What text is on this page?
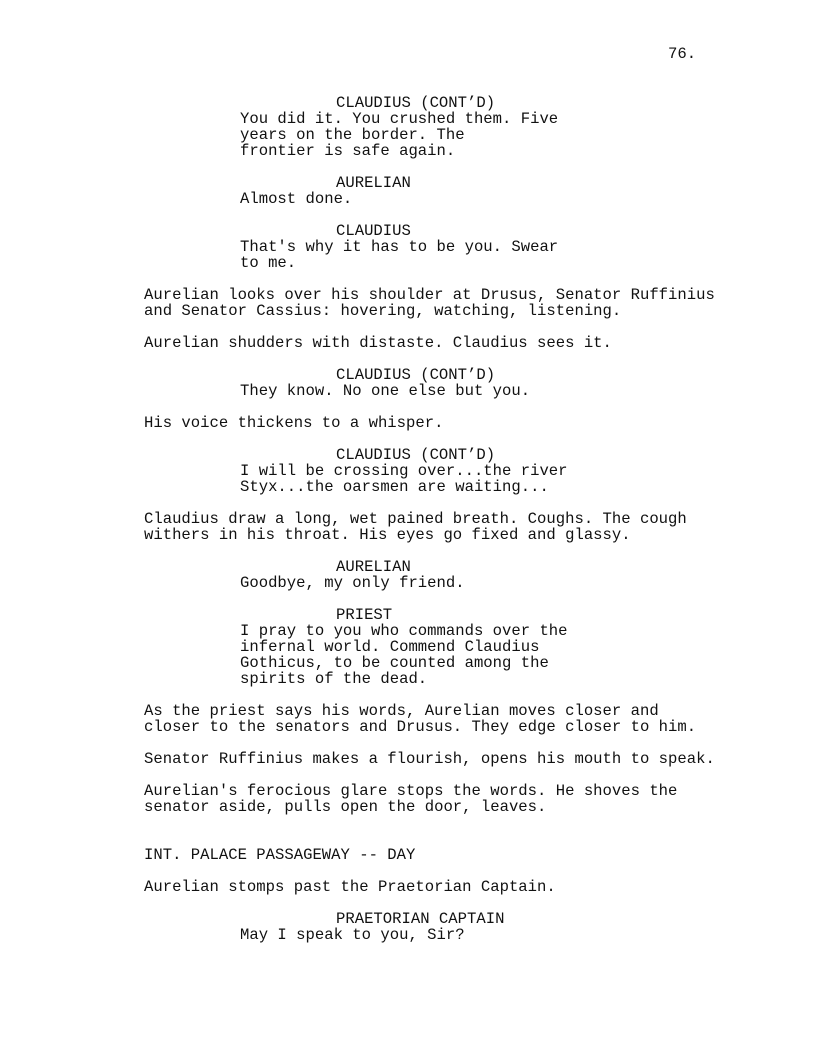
76.
CLAUDIUS (CONT’D)
You did it. You crushed them. Five
years on the border. The
frontier is safe again.
AURELIAN
Almost done.
CLAUDIUS
That's why it has to be you. Swear
to me.
Aurelian looks over his shoulder at Drusus, Senator Ruffinius
and Senator Cassius: hovering, watching, listening.
Aurelian shudders with distaste. Claudius sees it.
CLAUDIUS (CONT’D)
They know. No one else but you.
His voice thickens to a whisper.
CLAUDIUS (CONT’D)
I will be crossing over...the river
Styx...the oarsmen are waiting...
Claudius draw a long, wet pained breath. Coughs. The cough
withers in his throat. His eyes go fixed and glassy.
AURELIAN
Goodbye, my only friend.
PRIEST
I pray to you who commands over the
infernal world. Commend Claudius
Gothicus, to be counted among the
spirits of the dead.
As the priest says his words, Aurelian moves closer and
closer to the senators and Drusus. They edge closer to him.
Senator Ruffinius makes a flourish, opens his mouth to speak.
Aurelian's ferocious glare stops the words. He shoves the
senator aside, pulls open the door, leaves.
INT. PALACE PASSAGEWAY -- DAY
Aurelian stomps past the Praetorian Captain.
PRAETORIAN CAPTAIN
May I speak to you, Sir?
